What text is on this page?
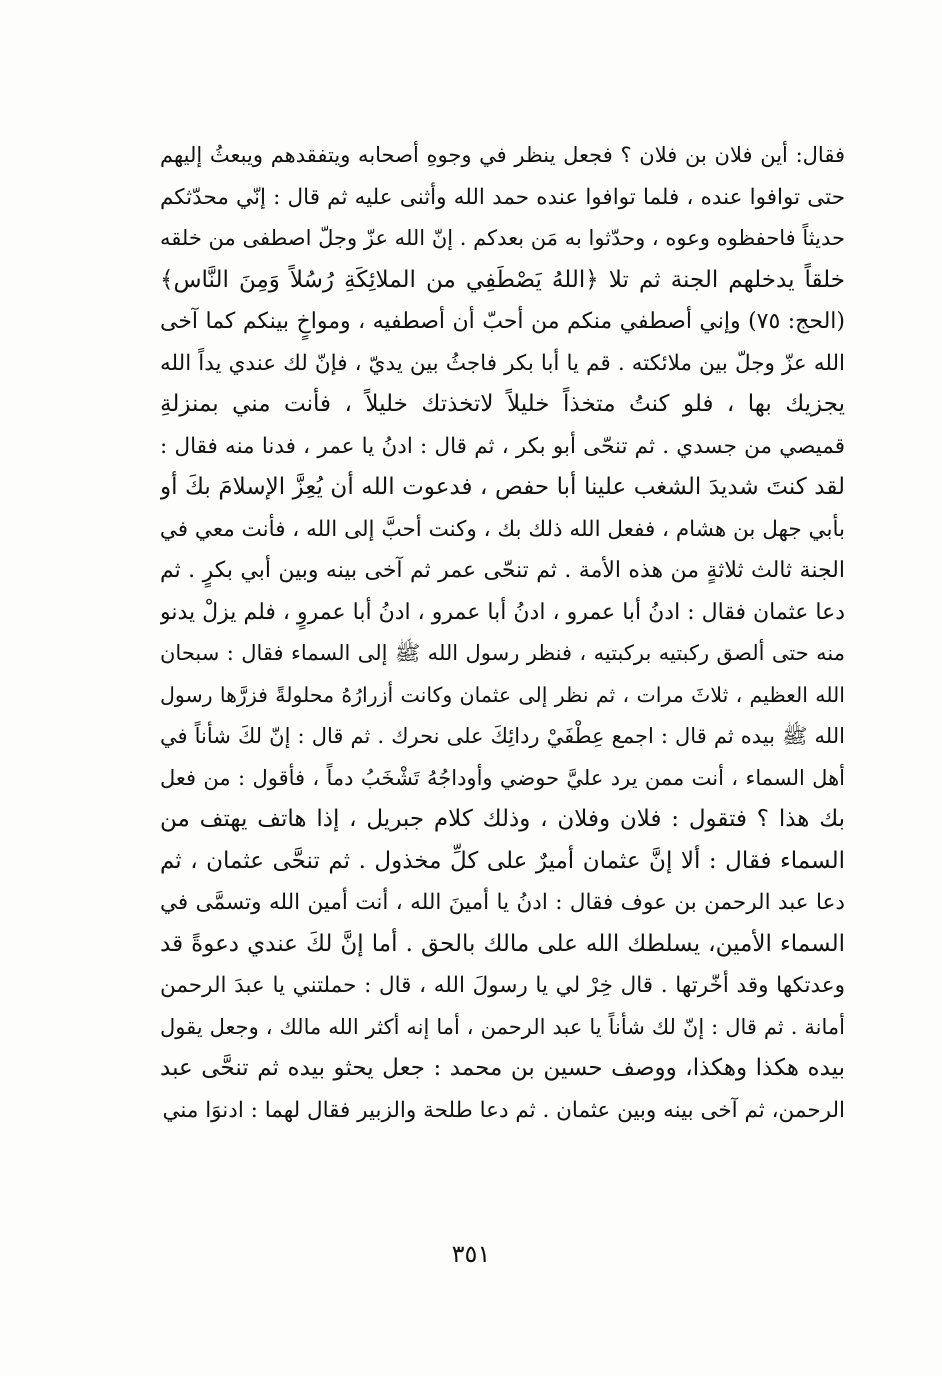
فقال: أين فلان بن فلان ؟ فجعل ينظر في وجوهِ أصحابه ويتفقدهم ويبعثُ إليهم
حتى توافوا عنده ، فلما توافوا عنده حمد الله وأثنى عليه ثم قال : إنّي محدّثكم
حديثاً فاحفظوه وعوه ، وحدّثوا به مَن بعدكم . إنّ الله عزّ وجلّ اصطفى من خلقه
خلقاً يدخلهم الجنة ثم تلا ﴿اللهُ يَصْطَفِي من الملائِكَةِ رُسُلاً وَمِنَ النَّاس﴾
(الحج: ٧٥) وإني أصطفي منكم من أحبّ أن أصطفيه ، ومواخٍ بينكم كما آخى
الله عزّ وجلّ بين ملائكته . قم يا أبا بكر فاجثُ بين يديّ ، فإنّ لك عندي يداً الله
يجزيك بها ، فلو كنتُ متخذاً خليلاً لاتخذتك خليلاً ، فأنت مني بمنزلةِ
قميصي من جسدي . ثم تنحّى أبو بكر ، ثم قال : ادنُ يا عمر ، فدنا منه فقال :
لقد كنتَ شديدَ الشغب علينا أبا حفص ، فدعوت الله أن يُعِزَّ الإسلامَ بكَ أو
بأبي جهل بن هشام ، ففعل الله ذلك بك ، وكنت أحبَّ إلى الله ، فأنت معي في
الجنة ثالث ثلاثةٍ من هذه الأمة . ثم تنحّى عمر ثم آخى بينه وبين أبي بكرٍ . ثم
دعا عثمان فقال : ادنُ أبا عمرو ، ادنُ أبا عمرو ، ادنُ أبا عمروٍ ، فلم يزلْ يدنو
منه حتى ألصق ركبتيه بركبتيه ، فنظر رسول الله ﷺ إلى السماء فقال : سبحان
الله العظيم ، ثلاثَ مرات ، ثم نظر إلى عثمان وكانت أزرارُهُ محلولةً فزرَّها رسول
الله ﷺ بيده ثم قال : اجمع عِطْفَيْ ردائِكَ على نحرك . ثم قال : إنّ لكَ شأناً في
أهل السماء ، أنت ممن يرد عليَّ حوضي وأوداجُهُ تَشْخَبُ دماً ، فأقول : من فعل
بك هذا ؟ فتقول : فلان وفلان ، وذلك كلام جبريل ، إذا هاتف يهتف من
السماء فقال : ألا إنَّ عثمان أميرٌ على كلِّ مخذول . ثم تنحَّى عثمان ، ثم
دعا عبد الرحمن بن عوف فقال : ادنُ يا أمينَ الله ، أنت أمين الله وتسمَّى في
السماء الأمين، يسلطك الله على مالك بالحق . أما إنَّ لكَ عندي دعوةً قد
وعدتكها وقد أخّرتها . قال خِرْ لي يا رسولَ الله ، قال : حملتني يا عبدَ الرحمن
أمانة . ثم قال : إنّ لك شأناً يا عبد الرحمن ، أما إنه أكثر الله مالك ، وجعل يقول
بيده هكذا وهكذا، ووصف حسين بن محمد : جعل يحثو بيده ثم تنحَّى عبد
الرحمن، ثم آخى بينه وبين عثمان . ثم دعا طلحة والزبير فقال لهما : ادنوَا مني
٣٥١
